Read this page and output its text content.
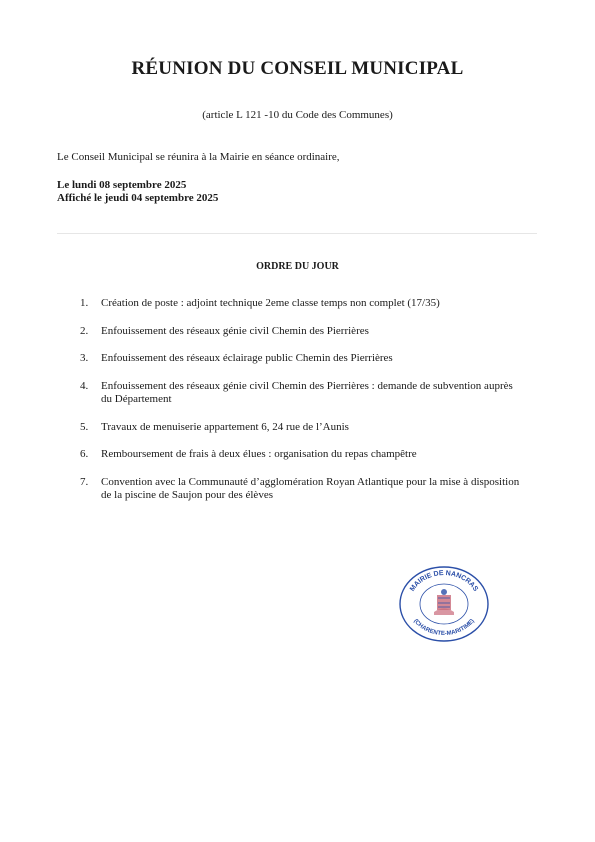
RÉUNION DU CONSEIL MUNICIPAL
(article L 121 -10 du Code des Communes)
Le Conseil Municipal se réunira à la Mairie en séance ordinaire,
Le lundi 08 septembre 2025
Affiché le jeudi 04 septembre 2025
ORDRE DU JOUR
1. Création de poste : adjoint technique 2eme classe temps non complet (17/35)
2. Enfouissement des réseaux génie civil Chemin des Pierrières
3. Enfouissement des réseaux éclairage public Chemin des Pierrières
4. Enfouissement des réseaux génie civil Chemin des Pierrières : demande de subvention auprès du Département
5. Travaux de menuiserie appartement 6, 24 rue de l’Aunis
6. Remboursement de frais à deux élues : organisation du repas champêtre
7. Convention avec la Communauté d’agglomération Royan Atlantique pour la mise à disposition de la piscine de Saujon pour des élèves
MAIRIE DE NANCRAS
(CHARENTE-MARITIME)
